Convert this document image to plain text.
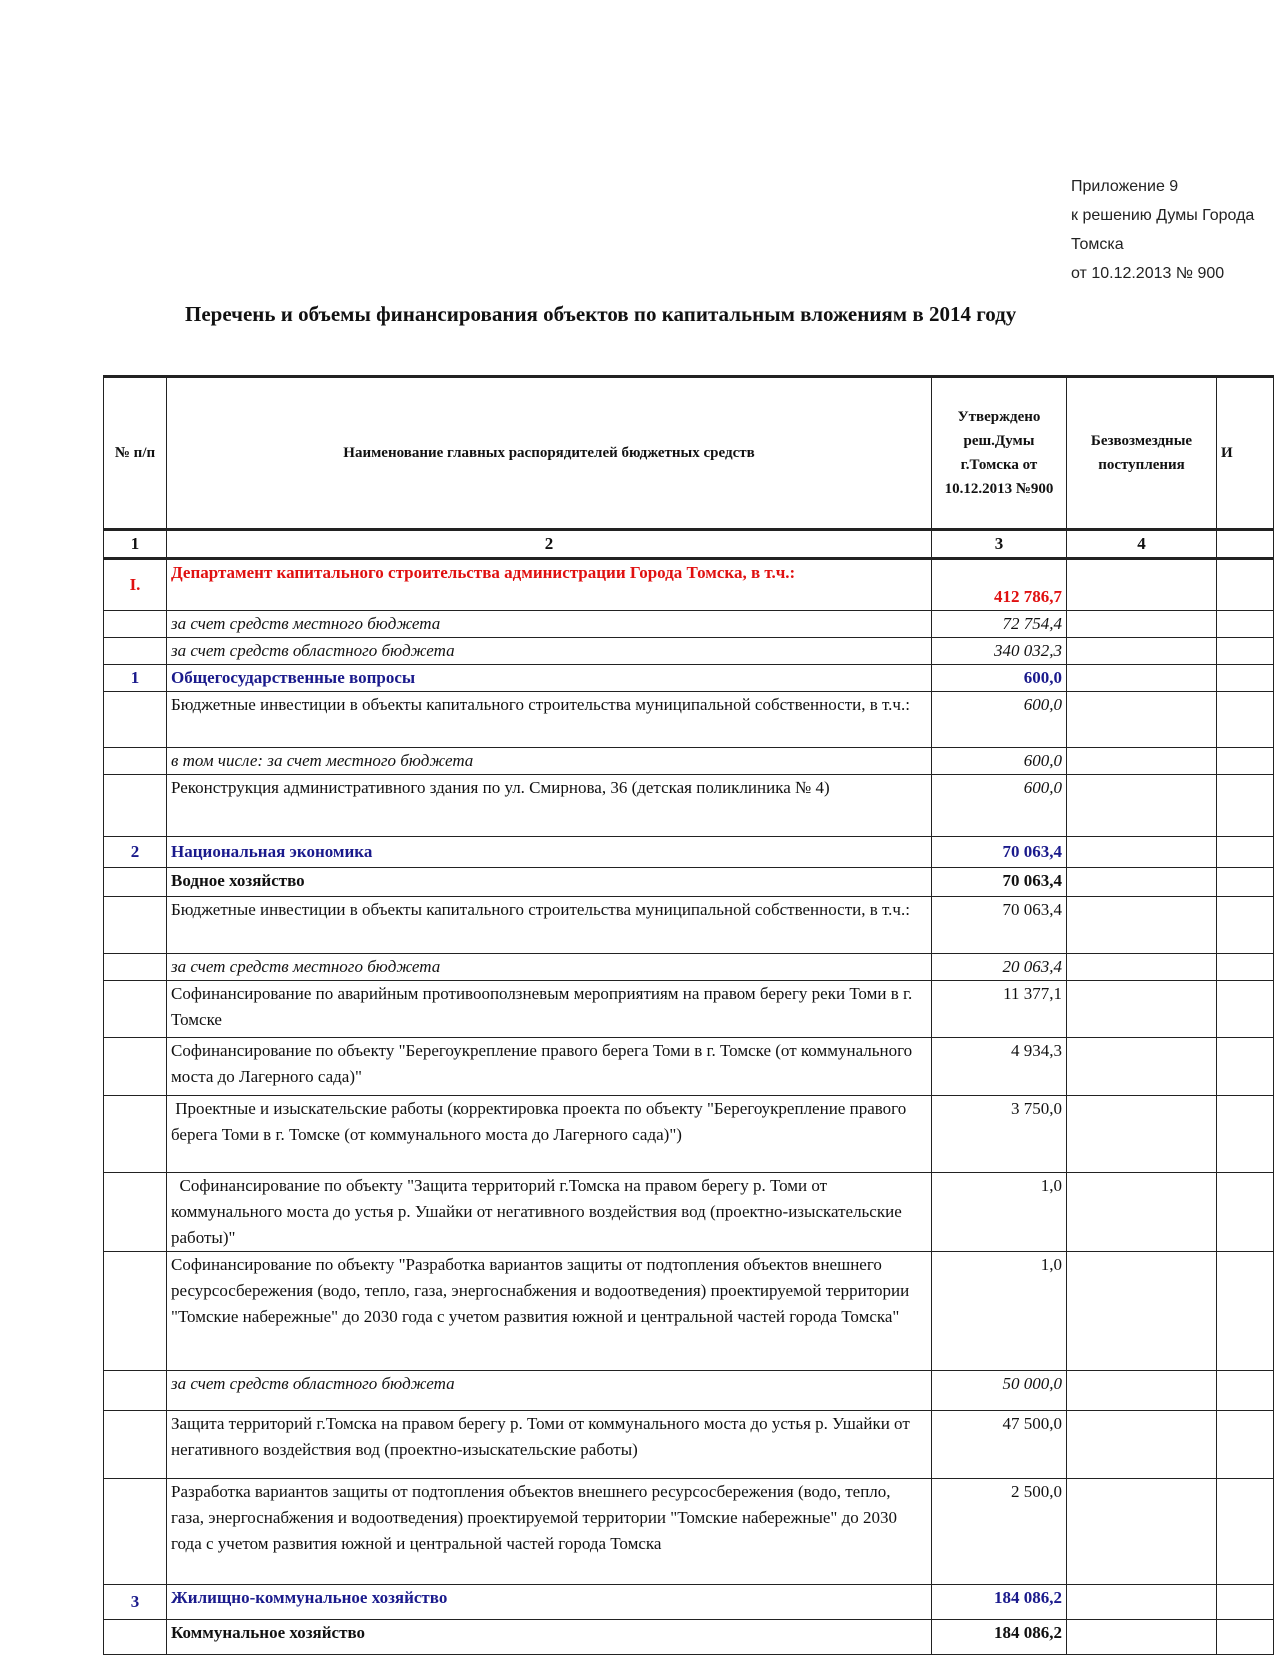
Приложение 9
к решению Думы Города Томска
от 10.12.2013 № 900
Перечень и объемы финансирования объектов по капитальным вложениям в 2014 году
№ п/п	Наименование главных распорядителей бюджетных средств	Утверждено реш.Думы г.Томска от 10.12.2013 №900	Безвозмездные поступления	И
1	2	3	4	
I.	Департамент капитального строительства администрации Города Томска, в т.ч.:	412 786,7		
	за счет средств местного бюджета	72 754,4		
	за счет средств областного бюджета	340 032,3		
1	Общегосударственные вопросы	600,0		
	Бюджетные инвестиции в объекты капитального строительства муниципальной собственности, в т.ч.:	600,0		
	в том числе: за счет местного бюджета	600,0		
	Реконструкция административного здания по ул. Смирнова, 36 (детская поликлиника № 4)	600,0		
2	Национальная экономика	70 063,4		
	Водное хозяйство	70 063,4		
	Бюджетные инвестиции в объекты капитального строительства муниципальной собственности, в т.ч.:	70 063,4		
	за счет средств местного бюджета	20 063,4		
	Софинансирование по аварийным противооползневым мероприятиям на правом берегу реки Томи в г. Томске	11 377,1		
	Софинансирование по объекту "Берегоукрепление правого берега Томи в г. Томске (от коммунального моста до Лагерного сада)"	4 934,3		
	Проектные и изыскательские работы (корректировка проекта по объекту "Берегоукрепление правого берега Томи в г. Томске (от коммунального моста до Лагерного сада)")	3 750,0		
	Софинансирование по объекту "Защита территорий г.Томска на правом берегу р. Томи от коммунального моста до устья р. Ушайки от негативного воздействия вод (проектно-изыскательские работы)"	1,0		
	Софинансирование по объекту "Разработка вариантов защиты от подтопления объектов внешнего  ресурсосбережения (водо, тепло, газа, энергоснабжения и водоотведения) проектируемой территории "Томские набережные" до 2030 года с учетом развития южной и центральной частей города Томска"	1,0		
	за счет средств областного бюджета	50 000,0		
	Защита территорий г.Томска на правом берегу р. Томи от коммунального моста до устья р. Ушайки от негативного воздействия вод (проектно-изыскательские работы)	47 500,0		
	Разработка вариантов защиты от подтопления объектов внешнего ресурсосбережения (водо, тепло, газа, энергоснабжения и водоотведения) проектируемой территории "Томские набережные" до 2030 года с учетом развития южной и центральной частей города Томска	2 500,0		
3	Жилищно-коммунальное хозяйство	184 086,2		
	Коммунальное хозяйство	184 086,2		
